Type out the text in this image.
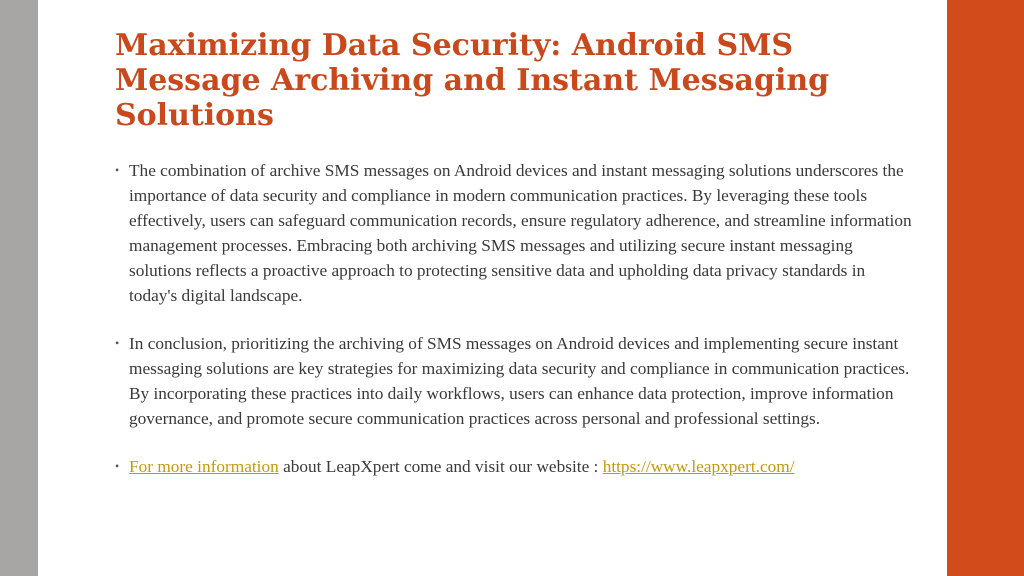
Maximizing Data Security: Android SMS Message Archiving and Instant Messaging Solutions
• The combination of archive SMS messages on Android devices and instant messaging solutions underscores the importance of data security and compliance in modern communication practices. By leveraging these tools effectively, users can safeguard communication records, ensure regulatory adherence, and streamline information management processes. Embracing both archiving SMS messages and utilizing secure instant messaging solutions reflects a proactive approach to protecting sensitive data and upholding data privacy standards in today's digital landscape.
• In conclusion, prioritizing the archiving of SMS messages on Android devices and implementing secure instant messaging solutions are key strategies for maximizing data security and compliance in communication practices. By incorporating these practices into daily workflows, users can enhance data protection, improve information governance, and promote secure communication practices across personal and professional settings.
• For more information about LeapXpert come and visit our website : https://www.leapxpert.com/
